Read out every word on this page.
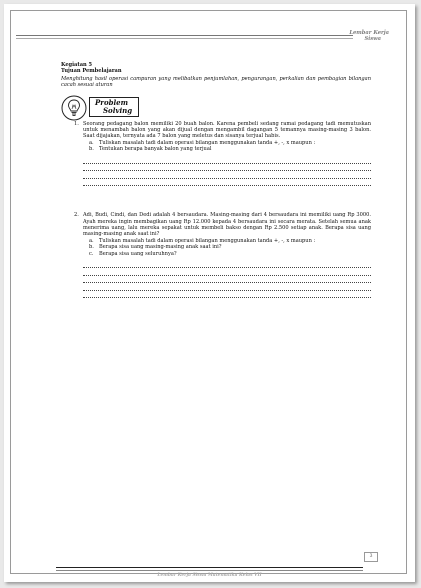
Lembar Kerja
Siswa
Kegiatan 5
Tujuan Pembelajaran
Menghitung hasil operasi campuran yang melibatkan penjumlahan, pengurangan, perkalian dan pembagian bilangan cacah sesuai aturan
Problem
Solving
1. Seorang pedagang balon memiliki 20 buah balon. Karena pembeli sedang ramai pedagang tadi memutuskan untuk menambah balon yang akan dijual dengan mengambil dagangan 5 temannya masing-masing 3 balon. Saat dijajakan, ternyata ada 7 balon yang meletus dan sisanya terjual habis.
a. Tuliskan masalah tadi dalam operasi bilangan menggunakan tanda +, -, x maupun :
b. Tentukan berapa banyak balon yang terjual
2. Adi, Budi, Cindi, dan Dedi adalah 4 bersaudara. Masing-masing dari 4 bersaudara ini memiliki uang Rp 3000. Ayah mereka ingin membagikan uang Rp 12.000 kepada 4 bersaudara ini secara merata. Setelah semua anak menerima uang, lalu mereka sepakat untuk membeli bakso dengan Rp 2.500 setiap anak. Berapa sisa uang masing-masing anak saat ini?
a. Tuliskan masalah tadi dalam operasi bilangan menggunakan tanda +, -, x maupun :
b. Berapa sisa uang masing-masing anak saat ini?
c. Berapa sisa uang seluruhnya?
3
Lembar Kerja Siswa Matematika Kelas VII
